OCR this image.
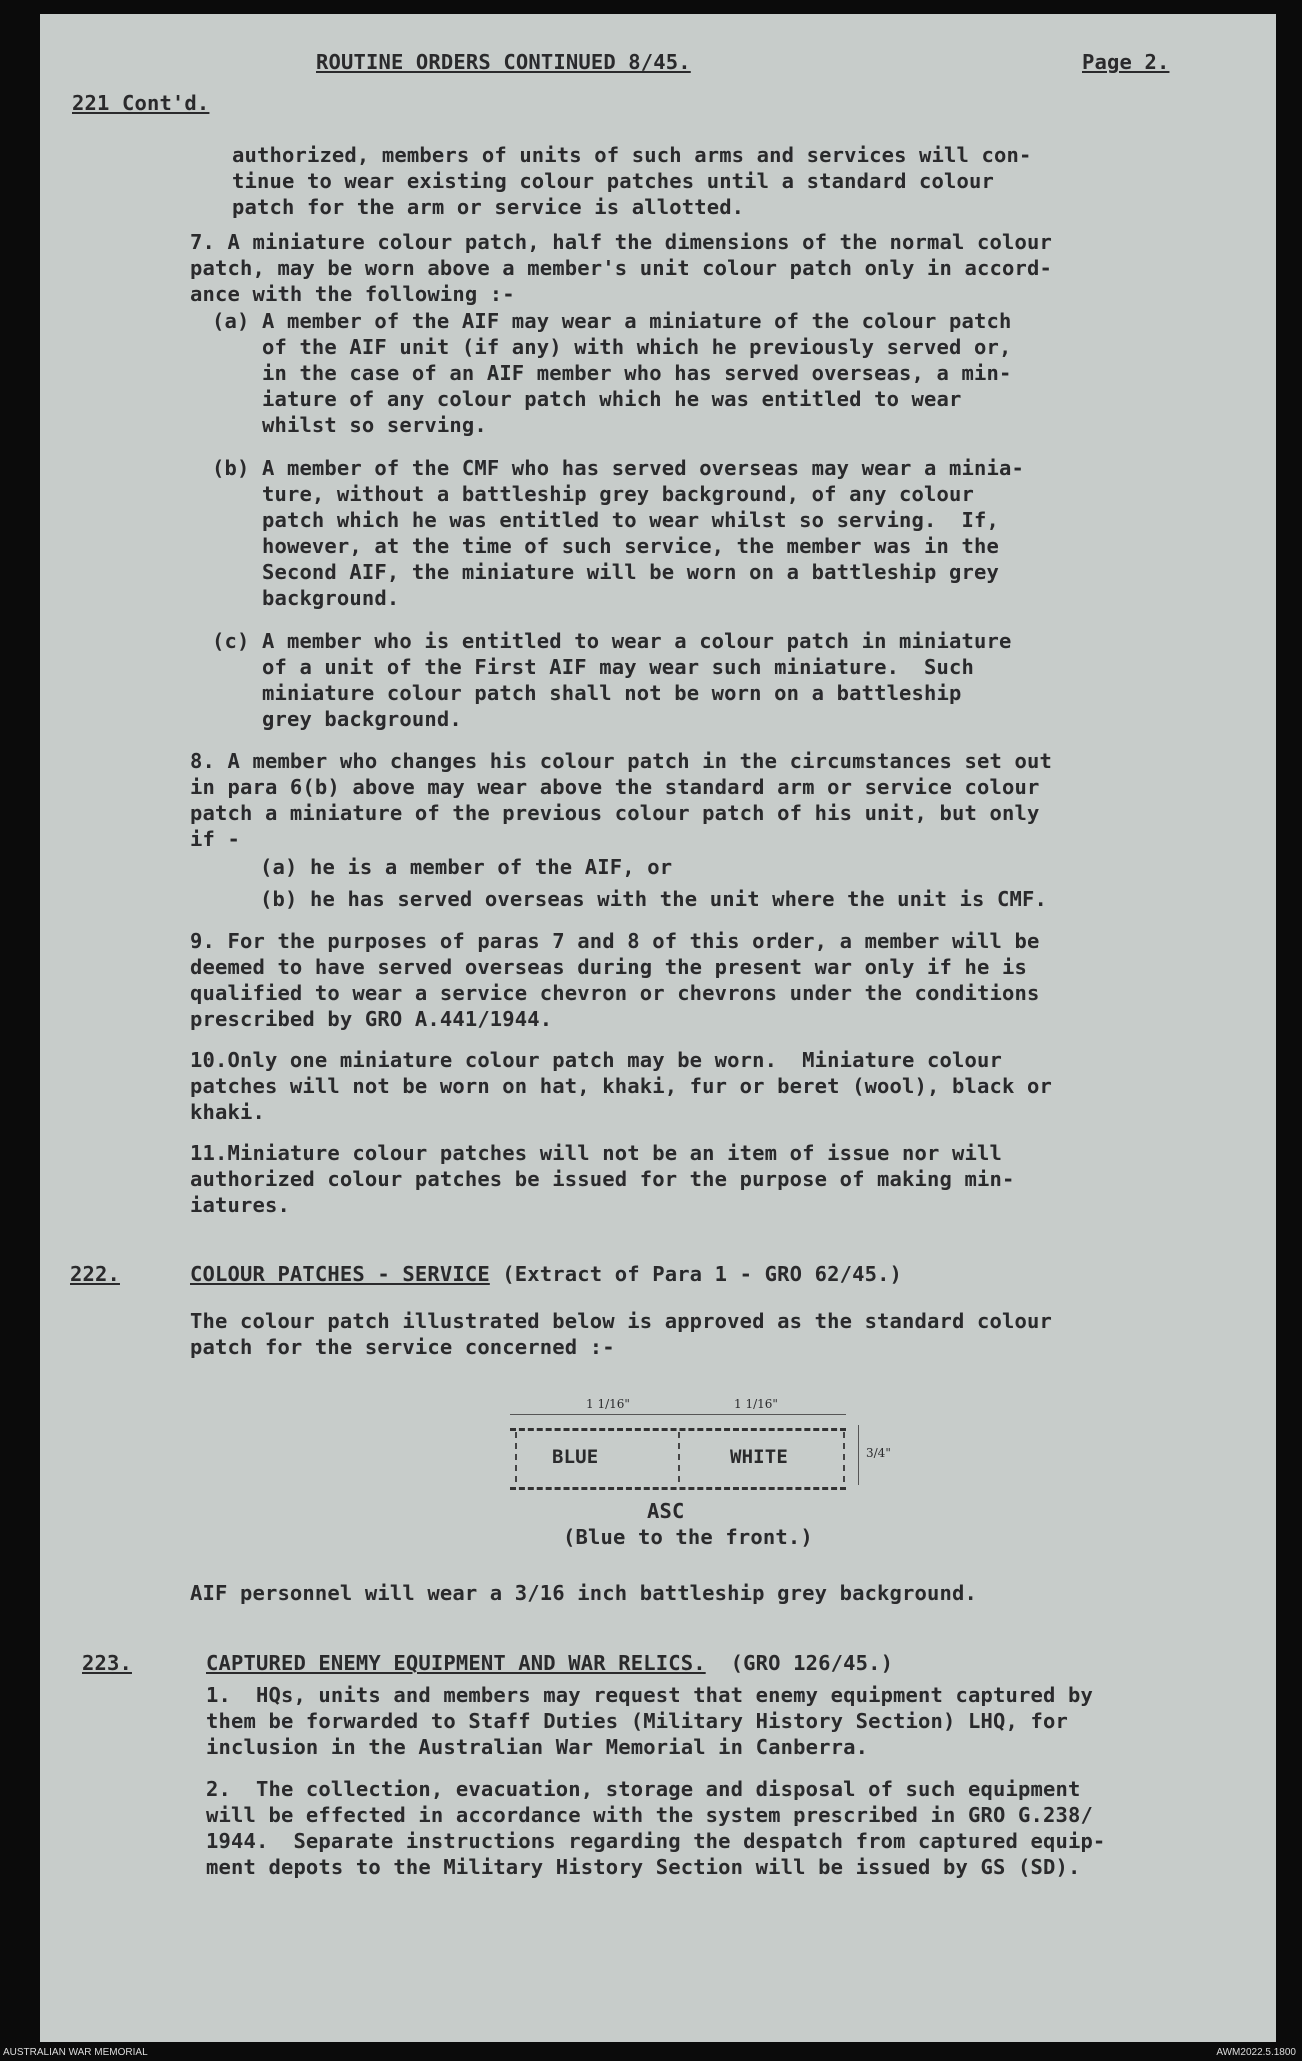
ROUTINE ORDERS CONTINUED 8/45.	Page 2.
221 Cont'd.
authorized, members of units of such arms and services will con-
tinue to wear existing colour patches until a standard colour
patch for the arm or service is allotted.
7. A miniature colour patch, half the dimensions of the normal colour
patch, may be worn above a member's unit colour patch only in accord-
ance with the following :-
(a) A member of the AIF may wear a miniature of the colour patch
of the AIF unit (if any) with which he previously served or,
in the case of an AIF member who has served overseas, a min-
iature of any colour patch which he was entitled to wear
whilst so serving.
(b) A member of the CMF who has served overseas may wear a minia-
ture, without a battleship grey background, of any colour
patch which he was entitled to wear whilst so serving.  If,
however, at the time of such service, the member was in the
Second AIF, the miniature will be worn on a battleship grey
background.
(c) A member who is entitled to wear a colour patch in miniature
of a unit of the First AIF may wear such miniature.  Such
miniature colour patch shall not be worn on a battleship
grey background.
8. A member who changes his colour patch in the circumstances set out
in para 6(b) above may wear above the standard arm or service colour
patch a miniature of the previous colour patch of his unit, but only
if -
(a) he is a member of the AIF, or
(b) he has served overseas with the unit where the unit is CMF.
9. For the purposes of paras 7 and 8 of this order, a member will be
deemed to have served overseas during the present war only if he is
qualified to wear a service chevron or chevrons under the conditions
prescribed by GRO A.441/1944.
10.Only one miniature colour patch may be worn.  Miniature colour
patches will not be worn on hat, khaki, fur or beret (wool), black or
khaki.
11.Miniature colour patches will not be an item of issue nor will
authorized colour patches be issued for the purpose of making min-
iatures.
222.	COLOUR PATCHES - SERVICE (Extract of Para 1 - GRO 62/45.)
The colour patch illustrated below is approved as the standard colour
patch for the service concerned :-
1 1/16"	1 1/16"
BLUE	WHITE	3/4"
ASC
(Blue to the front.)
AIF personnel will wear a 3/16 inch battleship grey background.
223.	CAPTURED ENEMY EQUIPMENT AND WAR RELICS.  (GRO 126/45.)
1.  HQs, units and members may request that enemy equipment captured by
them be forwarded to Staff Duties (Military History Section) LHQ, for
inclusion in the Australian War Memorial in Canberra.
2.  The collection, evacuation, storage and disposal of such equipment
will be effected in accordance with the system prescribed in GRO G.238/
1944.  Separate instructions regarding the despatch from captured equip-
ment depots to the Military History Section will be issued by GS (SD).
AUSTRALIAN WAR MEMORIAL	AWM2022.5.1800
